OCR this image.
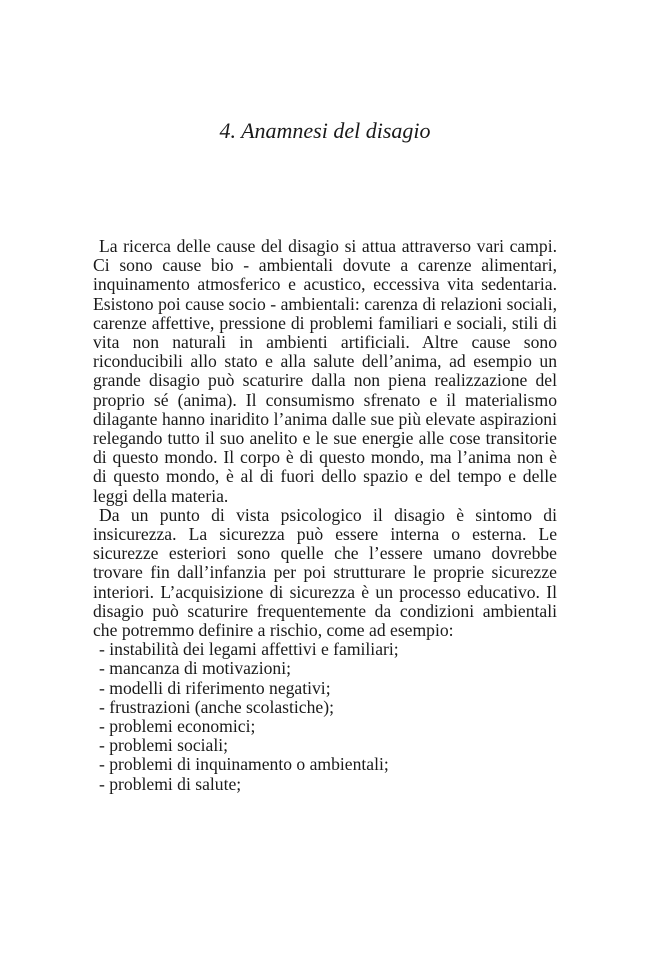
4. Anamnesi del disagio

La ricerca delle cause del disagio si attua attraverso vari campi. Ci sono cause bio - ambientali dovute a carenze alimentari, inquinamento atmosferico e acustico, eccessiva vita sedentaria. Esistono poi cause socio - ambientali: carenza di relazioni sociali, carenze affettive, pressione di problemi familiari e sociali, stili di vita non naturali in ambienti artificiali. Altre cause sono riconducibili allo stato e alla salute dell’anima, ad esempio un grande disagio può scaturire dalla non piena realizzazione del proprio sé (anima). Il consumismo sfrenato e il materialismo dilagante hanno inaridito l’anima dalle sue più elevate aspirazioni relegando tutto il suo anelito e le sue energie alle cose transitorie di questo mondo. Il corpo è di questo mondo, ma l’anima non è di questo mondo, è al di fuori dello spazio e del tempo e delle leggi della materia.

Da un punto di vista psicologico il disagio è sintomo di insicurezza. La sicurezza può essere interna o esterna. Le sicurezze esteriori sono quelle che l’essere umano dovrebbe trovare fin dall’infanzia per poi strutturare le proprie sicurezze interiori. L’acquisizione di sicurezza è un processo educativo. Il disagio può scaturire frequentemente da condizioni ambientali che potremmo definire a rischio, come ad esempio:

- instabilità dei legami affettivi e familiari;
- mancanza di motivazioni;
- modelli di riferimento negativi;
- frustrazioni (anche scolastiche);
- problemi economici;
- problemi sociali;
- problemi di inquinamento o ambientali;
- problemi di salute;
